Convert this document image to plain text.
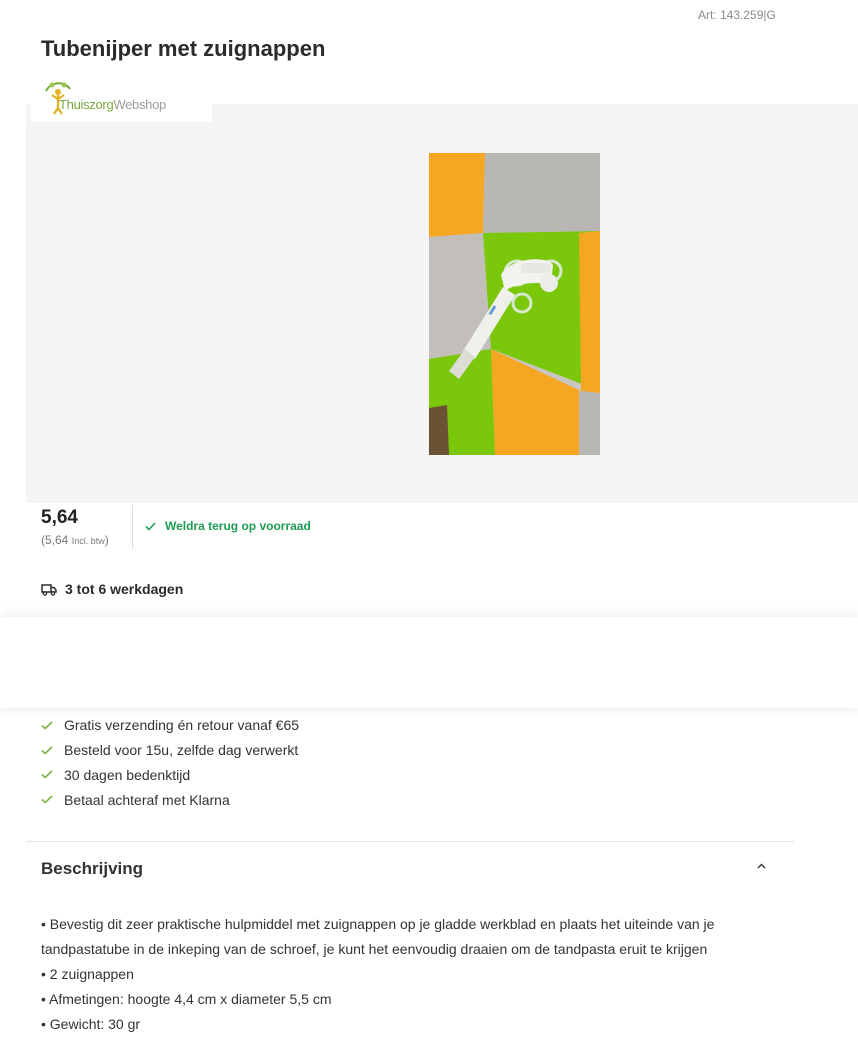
Art: 143.259|G
Tubenijper met zuignappen
ThuiszorgWebshop
5,64
(5,64 Incl. btw)
Weldra terug op voorraad
3 tot 6 werkdagen
Gratis verzending én retour vanaf €65
Besteld voor 15u, zelfde dag verwerkt
30 dagen bedenktijd
Betaal achteraf met Klarna
Beschrijving

• Bevestig dit zeer praktische hulpmiddel met zuignappen op je gladde werkblad en plaats het uiteinde van je tandpastatube in de inkeping van de schroef, je kunt het eenvoudig draaien om de tandpasta eruit te krijgen

• 2 zuignappen

• Afmetingen: hoogte 4,4 cm x diameter 5,5 cm

• Gewicht: 30 gr
